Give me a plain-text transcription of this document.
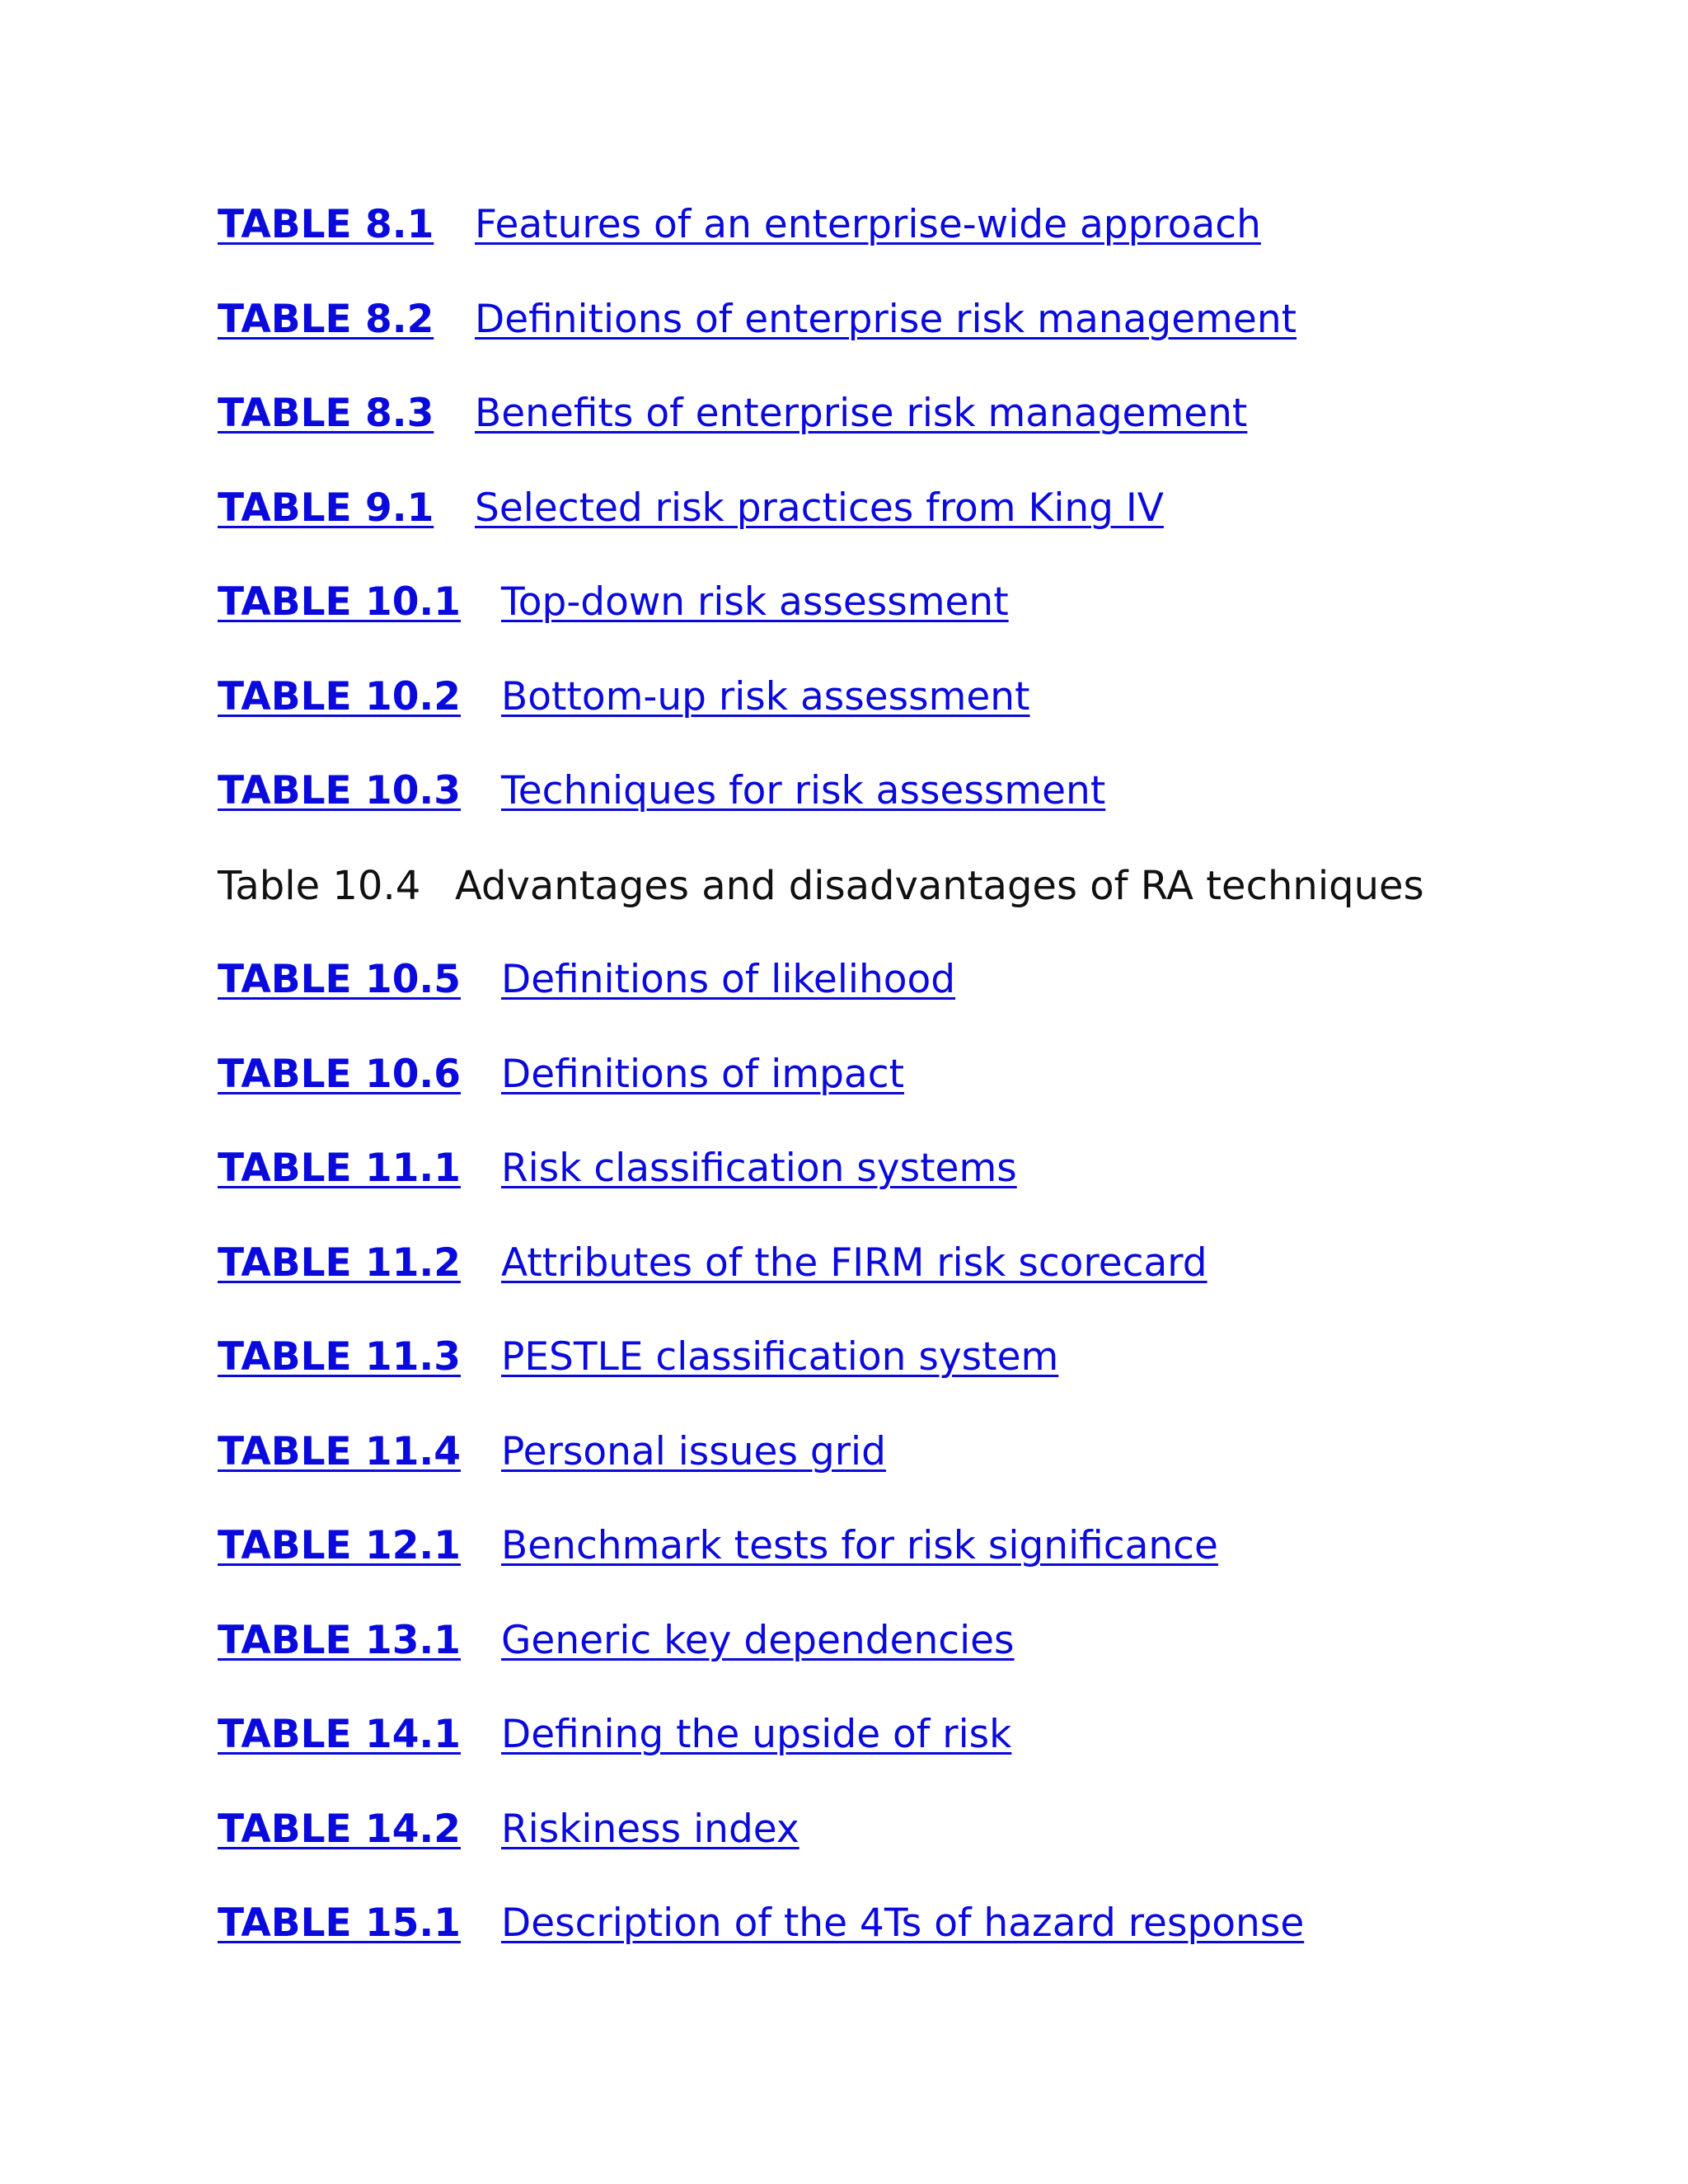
TABLE 8.1	Features of an enterprise-wide approach
TABLE 8.2	Definitions of enterprise risk management
TABLE 8.3	Benefits of enterprise risk management
TABLE 9.1	Selected risk practices from King IV
TABLE 10.1	Top-down risk assessment
TABLE 10.2	Bottom-up risk assessment
TABLE 10.3	Techniques for risk assessment
Table 10.4 Advantages and disadvantages of RA techniques
TABLE 10.5	Definitions of likelihood
TABLE 10.6	Definitions of impact
TABLE 11.1	Risk classification systems
TABLE 11.2	Attributes of the FIRM risk scorecard
TABLE 11.3	PESTLE classification system
TABLE 11.4	Personal issues grid
TABLE 12.1	Benchmark tests for risk significance
TABLE 13.1	Generic key dependencies
TABLE 14.1	Defining the upside of risk
TABLE 14.2	Riskiness index
TABLE 15.1	Description of the 4Ts of hazard response
